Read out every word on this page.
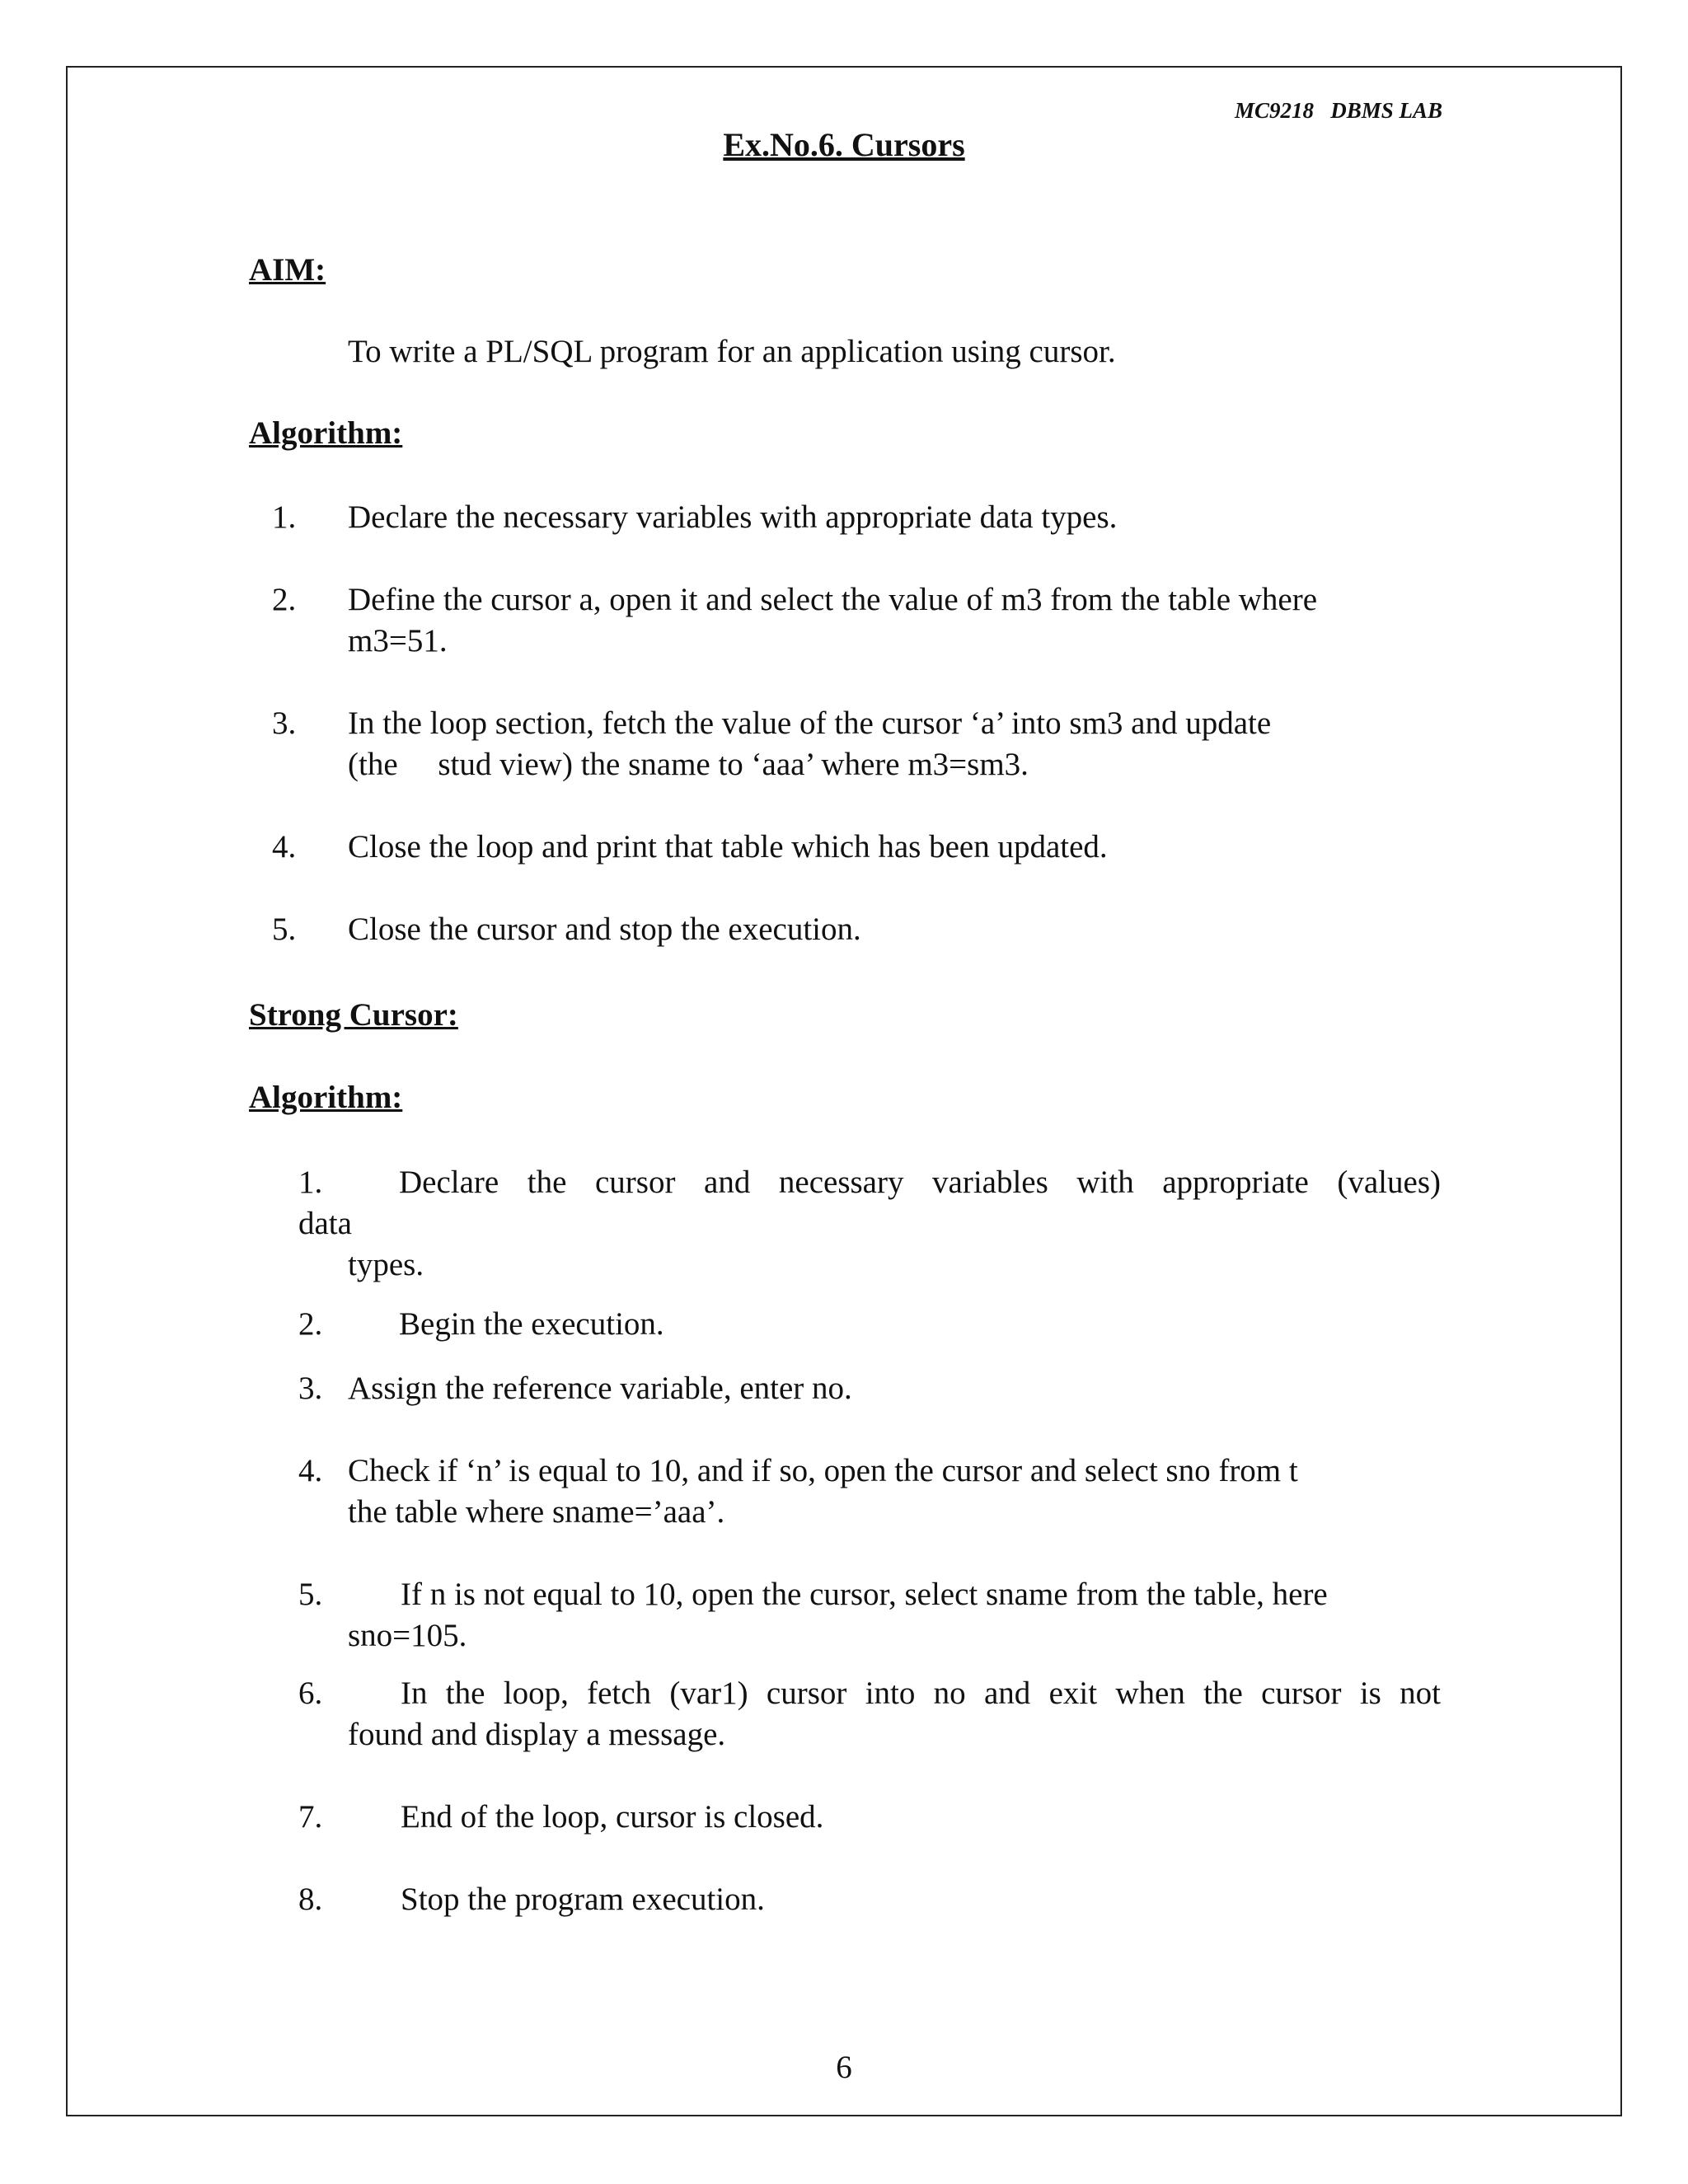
MC9218   DBMS LAB
Ex.No.6. Cursors
AIM:
To write a PL/SQL program for an application using cursor.
Algorithm:
1. Declare the necessary variables with appropriate data types.
2. Define the cursor a, open it and select the value of m3 from the table where
m3=51.
3. In the loop section, fetch the value of the cursor ‘a’ into sm3 and update
(the     stud view) the sname to ‘aaa’ where m3=sm3.
4. Close the loop and print that table which has been updated.
5. Close the cursor and stop the execution.
Strong Cursor:
Algorithm:
1. Declare the cursor and necessary variables with appropriate (values)
data
types.
2. Begin the execution.
3. Assign the reference variable, enter no.
4. Check if ‘n’ is equal to 10, and if so, open the cursor and select sno from t
the table where sname=’aaa’.
5. If n is not equal to 10, open the cursor, select sname from the table, here
sno=105.
6. In the loop, fetch (var1) cursor into no and exit when the cursor is not
found and display a message.
7. End of the loop, cursor is closed.
8. Stop the program execution.
6
